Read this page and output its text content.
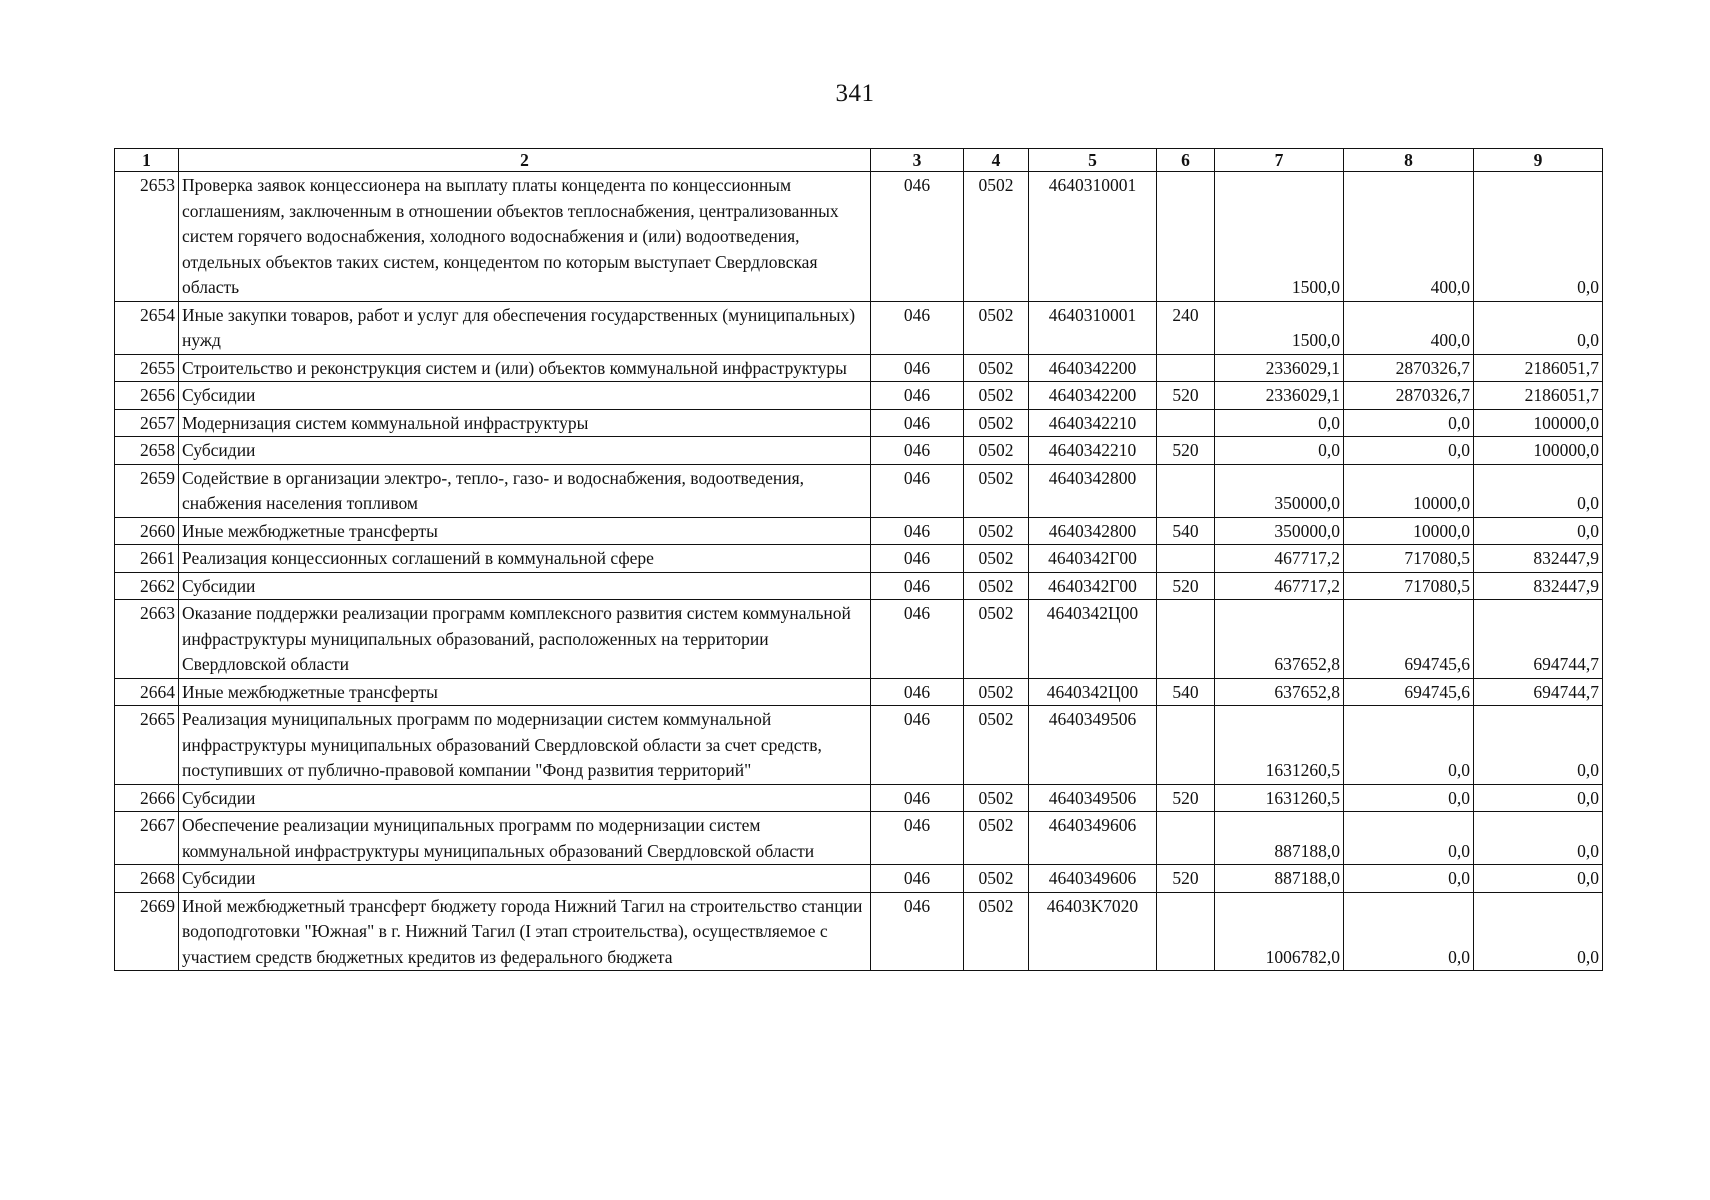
341
1	2	3	4	5	6	7	8	9
2653	Проверка заявок концессионера на выплату платы концедента по концессионным соглашениям, заключенным в отношении объектов теплоснабжения, централизованных систем горячего водоснабжения, холодного водоснабжения и (или) водоотведения, отдельных объектов таких систем, концедентом по которым выступает Свердловская область	046	0502	4640310001		1500,0	400,0	0,0
2654	Иные закупки товаров, работ и услуг для обеспечения государственных (муниципальных) нужд	046	0502	4640310001	240	1500,0	400,0	0,0
2655	Строительство и реконструкция систем и (или) объектов коммунальной инфраструктуры	046	0502	4640342200		2336029,1	2870326,7	2186051,7
2656	Субсидии	046	0502	4640342200	520	2336029,1	2870326,7	2186051,7
2657	Модернизация систем коммунальной инфраструктуры	046	0502	4640342210		0,0	0,0	100000,0
2658	Субсидии	046	0502	4640342210	520	0,0	0,0	100000,0
2659	Содействие в организации электро-, тепло-, газо- и водоснабжения, водоотведения, снабжения населения топливом	046	0502	4640342800		350000,0	10000,0	0,0
2660	Иные межбюджетные трансферты	046	0502	4640342800	540	350000,0	10000,0	0,0
2661	Реализация концессионных соглашений в коммунальной сфере	046	0502	4640342Г00		467717,2	717080,5	832447,9
2662	Субсидии	046	0502	4640342Г00	520	467717,2	717080,5	832447,9
2663	Оказание поддержки реализации программ комплексного развития систем коммунальной инфраструктуры муниципальных образований, расположенных на территории Свердловской области	046	0502	4640342Ц00		637652,8	694745,6	694744,7
2664	Иные межбюджетные трансферты	046	0502	4640342Ц00	540	637652,8	694745,6	694744,7
2665	Реализация муниципальных программ по модернизации систем коммунальной инфраструктуры муниципальных образований Свердловской области за счет средств, поступивших от публично-правовой компании "Фонд развития территорий"	046	0502	4640349506		1631260,5	0,0	0,0
2666	Субсидии	046	0502	4640349506	520	1631260,5	0,0	0,0
2667	Обеспечение реализации муниципальных программ по модернизации систем коммунальной инфраструктуры муниципальных образований Свердловской области	046	0502	4640349606		887188,0	0,0	0,0
2668	Субсидии	046	0502	4640349606	520	887188,0	0,0	0,0
2669	Иной межбюджетный трансферт бюджету города Нижний Тагил на строительство станции водоподготовки "Южная" в г. Нижний Тагил (I этап строительства), осуществляемое с участием средств бюджетных кредитов из федерального бюджета	046	0502	46403K7020		1006782,0	0,0	0,0
